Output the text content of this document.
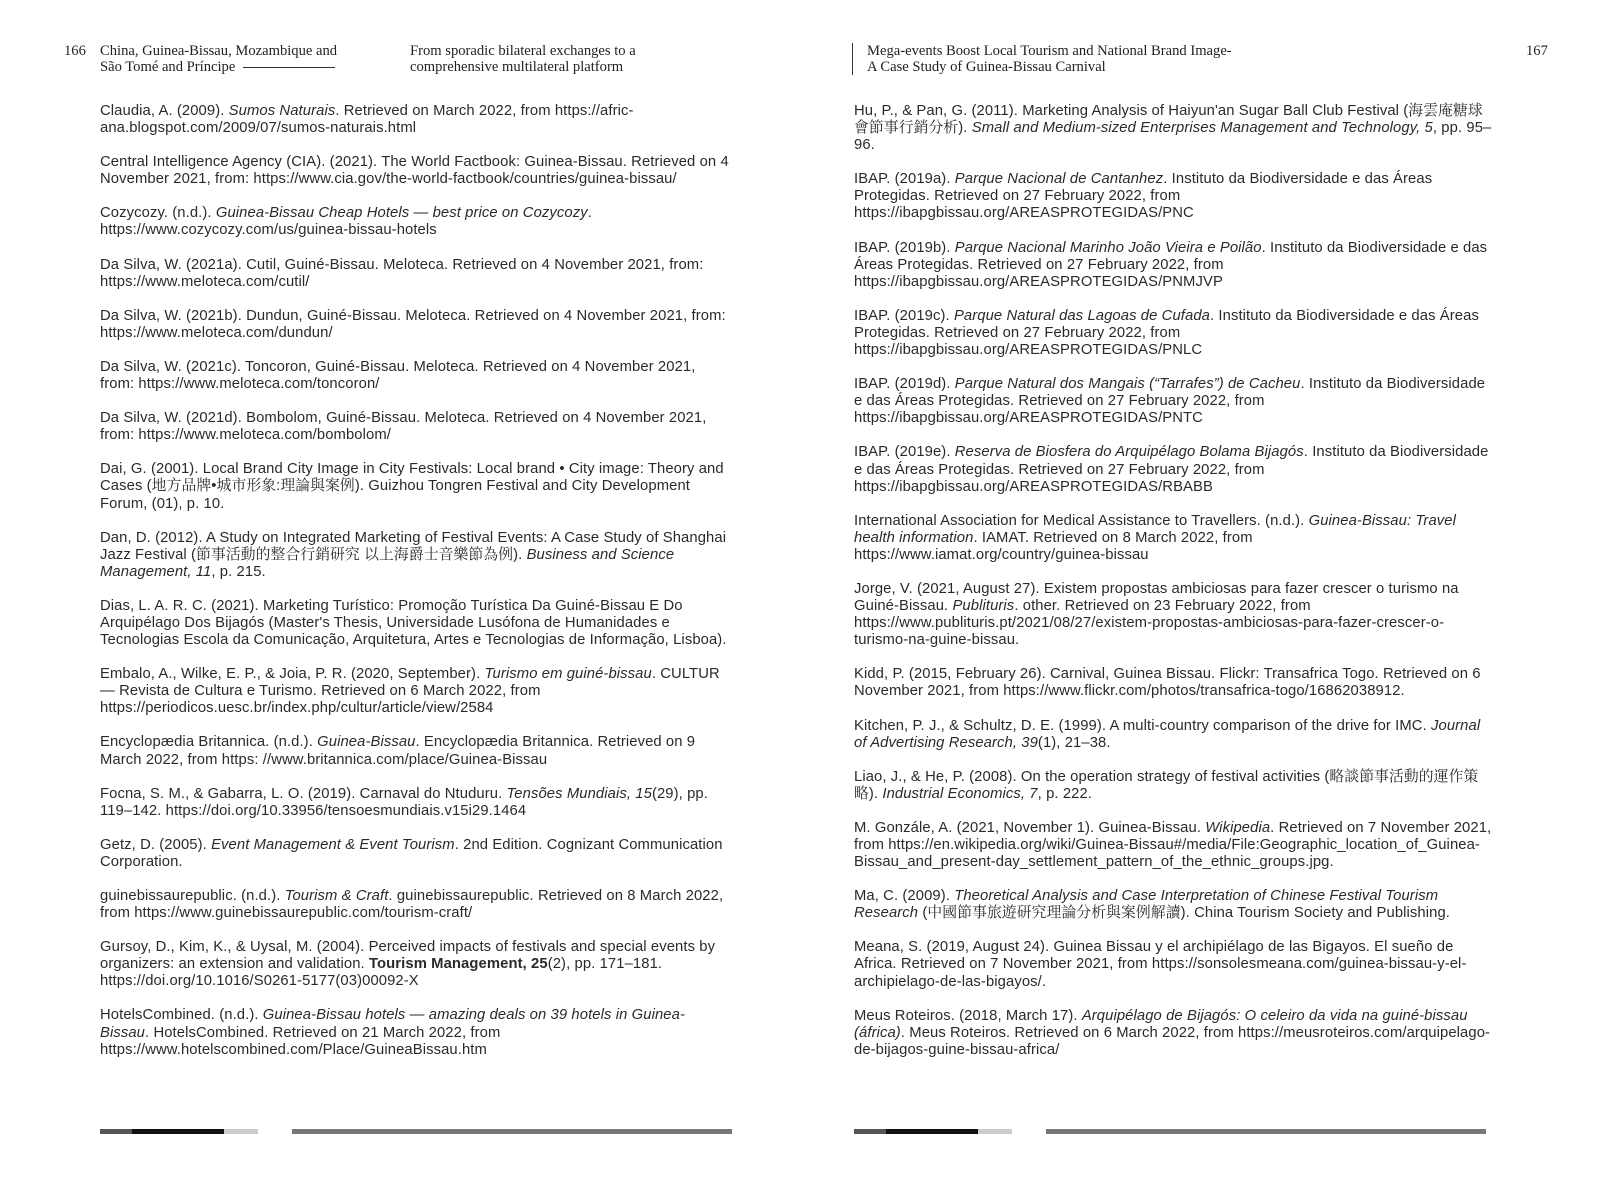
166 China, Guinea-Bissau, Mozambique and
São Tomé and Príncipe
From sporadic bilateral exchanges to a
comprehensive multilateral platform
Claudia, A. (2009). Sumos Naturais. Retrieved on March 2022, from https://afric-ana.blogspot.com/2009/07/sumos-naturais.html
Central Intelligence Agency (CIA). (2021). The World Factbook: Guinea-Bissau. Retrieved on 4 November 2021, from: https://www.cia.gov/the-world-factbook/countries/guinea-bissau/
Cozycozy. (n.d.). Guinea-Bissau Cheap Hotels — best price on Cozycozy. https://www.cozycozy.com/us/guinea-bissau-hotels
Da Silva, W. (2021a). Cutil, Guiné-Bissau. Meloteca. Retrieved on 4 November 2021, from: https://www.meloteca.com/cutil/
Da Silva, W. (2021b). Dundun, Guiné-Bissau. Meloteca. Retrieved on 4 November 2021, from: https://www.meloteca.com/dundun/
Da Silva, W. (2021c). Toncoron, Guiné-Bissau. Meloteca. Retrieved on 4 November 2021, from: https://www.meloteca.com/toncoron/
Da Silva, W. (2021d). Bombolom, Guiné-Bissau. Meloteca. Retrieved on 4 November 2021, from: https://www.meloteca.com/bombolom/
Dai, G. (2001). Local Brand City Image in City Festivals: Local brand • City image: Theory and Cases (地方品牌•城市形象:理論與案例). Guizhou Tongren Festival and City Development Forum, (01), p. 10.
Dan, D. (2012). A Study on Integrated Marketing of Festival Events: A Case Study of Shanghai Jazz Festival (節事活動的整合行銷研究 以上海爵士音樂節為例). Business and Science Management, 11, p. 215.
Dias, L. A. R. C. (2021). Marketing Turístico: Promoção Turística Da Guiné-Bissau E Do Arquipélago Dos Bijagós (Master's Thesis, Universidade Lusófona de Humanidades e Tecnologias Escola da Comunicação, Arquitetura, Artes e Tecnologias de Informação, Lisboa).
Embalo, A., Wilke, E. P., & Joia, P. R. (2020, September). Turismo em guiné-bissau. CULTUR — Revista de Cultura e Turismo. Retrieved on 6 March 2022, from https://periodicos.uesc.br/index.php/cultur/article/view/2584
Encyclopædia Britannica. (n.d.). Guinea-Bissau. Encyclopædia Britannica. Retrieved on 9 March 2022, from https: //www.britannica.com/place/Guinea-Bissau
Focna, S. M., & Gabarra, L. O. (2019). Carnaval do Ntuduru. Tensões Mundiais, 15(29), pp. 119–142. https://doi.org/10.33956/tensoesmundiais.v15i29.1464
Getz, D. (2005). Event Management & Event Tourism. 2nd Edition. Cognizant Communication Corporation.
guinebissaurepublic. (n.d.). Tourism & Craft. guinebissaurepublic. Retrieved on 8 March 2022, from https://www.guinebissaurepublic.com/tourism-craft/
Gursoy, D., Kim, K., & Uysal, M. (2004). Perceived impacts of festivals and special events by organizers: an extension and validation. Tourism Management, 25(2), pp. 171–181. https://doi.org/10.1016/S0261-5177(03)00092-X
HotelsCombined. (n.d.). Guinea-Bissau hotels — amazing deals on 39 hotels in Guinea-Bissau. HotelsCombined. Retrieved on 21 March 2022, from https://www.hotelscombined.com/Place/GuineaBissau.htm
167
Mega-events Boost Local Tourism and National Brand Image-
A Case Study of Guinea-Bissau Carnival
Hu, P., & Pan, G. (2011). Marketing Analysis of Haiyun'an Sugar Ball Club Festival (海雲庵糖球會節事行銷分析). Small and Medium-sized Enterprises Management and Technology, 5, pp. 95–96.
IBAP. (2019a). Parque Nacional de Cantanhez. Instituto da Biodiversidade e das Áreas Protegidas. Retrieved on 27 February 2022, from https://ibapgbissau.org/AREASPROTEGIDAS/PNC
IBAP. (2019b). Parque Nacional Marinho João Vieira e Poilão. Instituto da Biodiversidade e das Áreas Protegidas. Retrieved on 27 February 2022, from https://ibapgbissau.org/AREASPROTEGIDAS/PNMJVP
IBAP. (2019c). Parque Natural das Lagoas de Cufada. Instituto da Biodiversidade e das Áreas Protegidas. Retrieved on 27 February 2022, from https://ibapgbissau.org/AREASPROTEGIDAS/PNLC
IBAP. (2019d). Parque Natural dos Mangais (“Tarrafes”) de Cacheu. Instituto da Biodiversidade e das Áreas Protegidas. Retrieved on 27 February 2022, from https://ibapgbissau.org/AREASPROTEGIDAS/PNTC
IBAP. (2019e). Reserva de Biosfera do Arquipélago Bolama Bijagós. Instituto da Biodiversidade e das Áreas Protegidas. Retrieved on 27 February 2022, from https://ibapgbissau.org/AREASPROTEGIDAS/RBABB
International Association for Medical Assistance to Travellers. (n.d.). Guinea-Bissau: Travel health information. IAMAT. Retrieved on 8 March 2022, from https://www.iamat.org/country/guinea-bissau
Jorge, V. (2021, August 27). Existem propostas ambiciosas para fazer crescer o turismo na Guiné-Bissau. Publituris. other. Retrieved on 23 February 2022, from https://www.publituris.pt/2021/08/27/existem-propostas-ambiciosas-para-fazer-crescer-o-turismo-na-guine-bissau.
Kidd, P. (2015, February 26). Carnival, Guinea Bissau. Flickr: Transafrica Togo. Retrieved on 6 November 2021, from https://www.flickr.com/photos/transafrica-togo/16862038912.
Kitchen, P. J., & Schultz, D. E. (1999). A multi-country comparison of the drive for IMC. Journal of Advertising Research, 39(1), 21–38.
Liao, J., & He, P. (2008). On the operation strategy of festival activities (略談節事活動的運作策略). Industrial Economics, 7, p. 222.
M. Gonzále, A. (2021, November 1). Guinea-Bissau. Wikipedia. Retrieved on 7 November 2021, from https://en.wikipedia.org/wiki/Guinea-Bissau#/media/File:Geographic_location_of_Guinea-Bissau_and_present-day_settlement_pattern_of_the_ethnic_groups.jpg.
Ma, C. (2009). Theoretical Analysis and Case Interpretation of Chinese Festival Tourism Research (中國節事旅遊研究理論分析與案例解讀). China Tourism Society and Publishing.
Meana, S. (2019, August 24). Guinea Bissau y el archipiélago de las Bigayos. El sueño de Africa. Retrieved on 7 November 2021, from https://sonsolesmeana.com/guinea-bissau-y-el-archipielago-de-las-bigayos/.
Meus Roteiros. (2018, March 17). Arquipélago de Bijagós: O celeiro da vida na guiné-bissau (áfrica). Meus Roteiros. Retrieved on 6 March 2022, from https://meusroteiros.com/arquipelago-de-bijagos-guine-bissau-africa/
